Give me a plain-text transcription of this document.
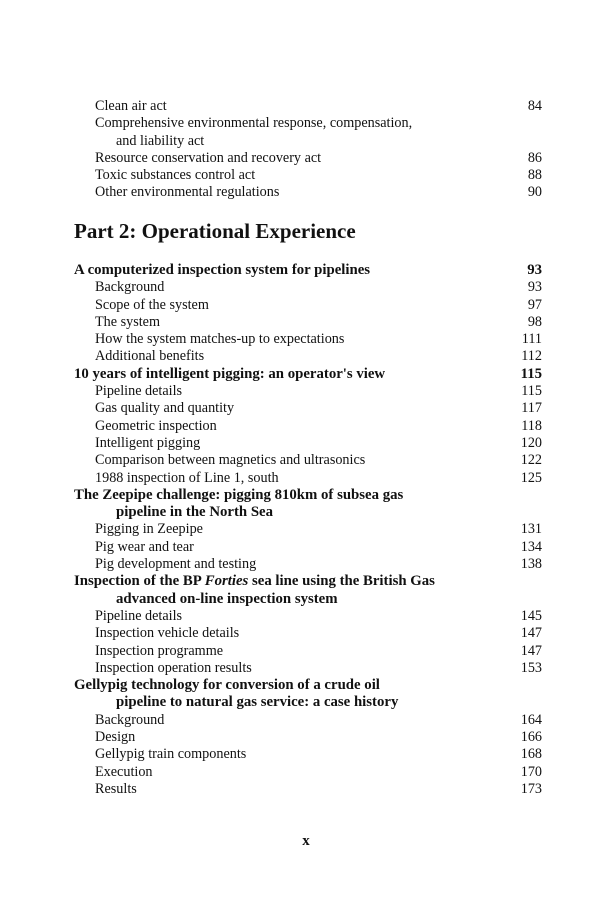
Clean air act	84
Comprehensive environmental response, compensation,
and liability act
Resource conservation and recovery act	86
Toxic substances control act	88
Other environmental regulations	90
Part 2: Operational Experience
A computerized inspection system for pipelines	93
Background	93
Scope of the system	97
The system	98
How the system matches-up to expectations	111
Additional benefits	112
10 years of intelligent pigging: an operator's view	115
Pipeline details	115
Gas quality and quantity	117
Geometric inspection	118
Intelligent pigging	120
Comparison between magnetics and ultrasonics	122
1988 inspection of Line 1, south	125
The Zeepipe challenge: pigging 810km of subsea gas
pipeline in the North Sea
Pigging in Zeepipe	131
Pig wear and tear	134
Pig development and testing	138
Inspection of the BP Forties sea line using the British Gas
advanced on-line inspection system
Pipeline details	145
Inspection vehicle details	147
Inspection programme	147
Inspection operation results	153
Gellypig technology for conversion of a crude oil
pipeline to natural gas service: a case history
Background	164
Design	166
Gellypig train components	168
Execution	170
Results	173
x
